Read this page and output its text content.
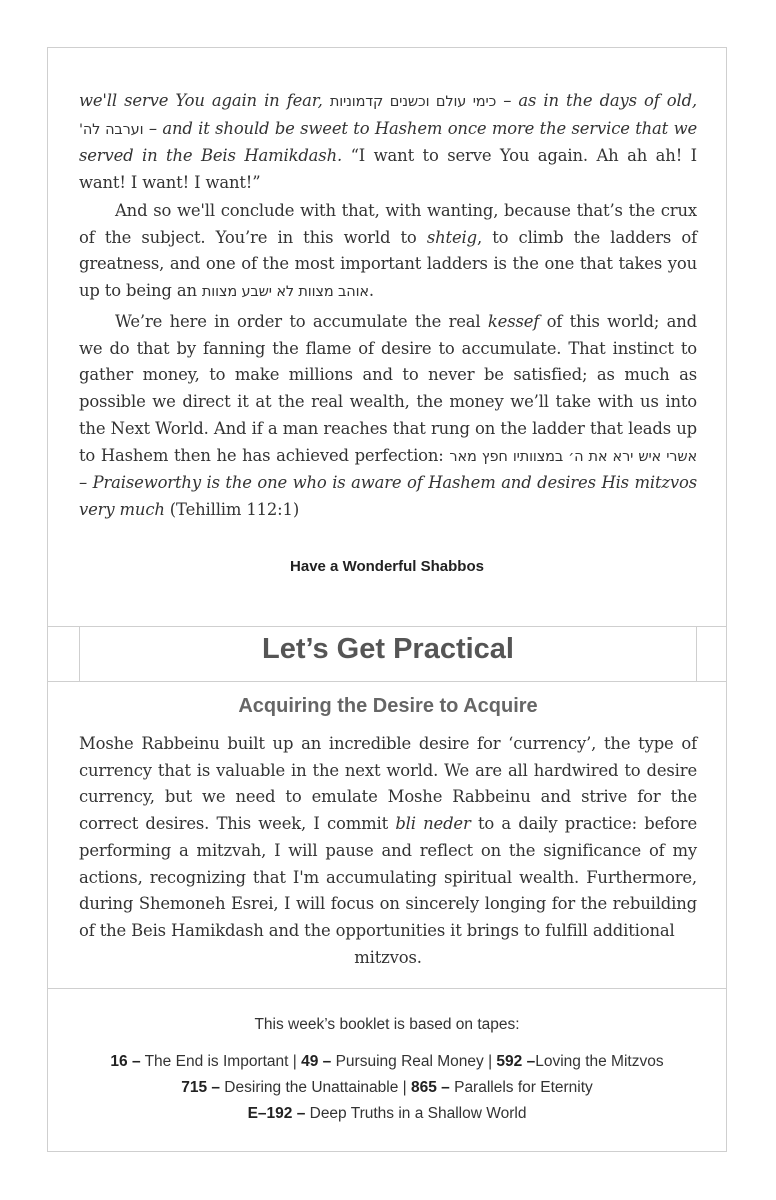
we'll serve You again in fear, כימי עולם וכשנים קדמוניות – as in the days of old, וערבה לה' – and it should be sweet to Hashem once more the service that we served in the Beis Hamikdash. “I want to serve You again. Ah ah ah! I want! I want! I want!”
And so we'll conclude with that, with wanting, because that’s the crux of the subject. You’re in this world to shteig, to climb the ladders of greatness, and one of the most important ladders is the one that takes you up to being an אוהב מצוות לא ישבע מצוות.
We’re here in order to accumulate the real kessef of this world; and we do that by fanning the flame of desire to accumulate. That instinct to gather money, to make millions and to never be satisfied; as much as possible we direct it at the real wealth, the money we’ll take with us into the Next World. And if a man reaches that rung on the ladder that leads up to Hashem then he has achieved perfection: אשרי איש ירא את ה׳ במצוותיו חפץ מאר – Praiseworthy is the one who is aware of Hashem and desires His mitzvos very much (Tehillim 112:1)
Have a Wonderful Shabbos
Let’s Get Practical
Acquiring the Desire to Acquire
Moshe Rabbeinu built up an incredible desire for ‘currency’, the type of currency that is valuable in the next world. We are all hardwired to desire currency, but we need to emulate Moshe Rabbeinu and strive for the correct desires. This week, I commit bli neder to a daily practice: before performing a mitzvah, I will pause and reflect on the significance of my actions, recognizing that I'm accumulating spiritual wealth. Furthermore, during Shemoneh Esrei, I will focus on sincerely longing for the rebuilding of the Beis Hamikdash and the opportunities it brings to fulfill additional
mitzvos.
This week’s booklet is based on tapes:
16 – The End is Important | 49 – Pursuing Real Money | 592 –Loving the Mitzvos
715 – Desiring the Unattainable | 865 – Parallels for Eternity
E–192 – Deep Truths in a Shallow World
